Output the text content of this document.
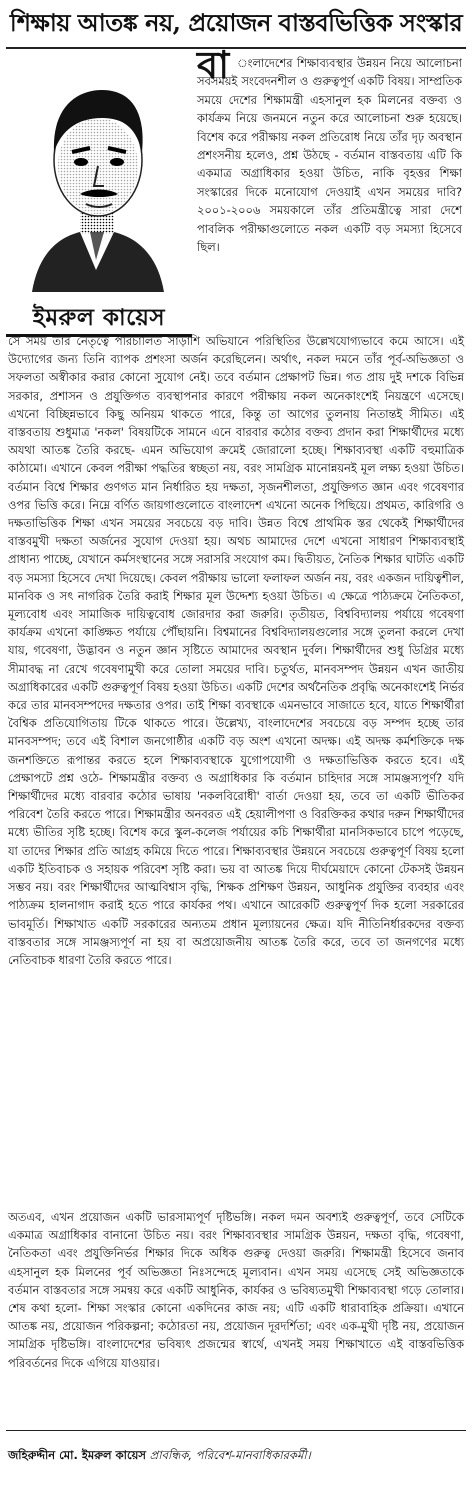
শিক্ষায় আতঙ্ক নয়, প্রয়োজন বাস্তবভিত্তিক সংস্কার
ইমরুল কায়েস
বা ংলাদেশের শিক্ষাব্যবস্থার উন্নয়ন নিয়ে আলোচনা সবসময়ই সংবেদনশীল ও গুরুত্বপূর্ণ একটি বিষয়। সাম্প্রতিক সময়ে দেশের শিক্ষামন্ত্রী এহসানুল হক মিলনের বক্তব্য ও কার্যক্রম নিয়ে জনমনে নতুন করে আলোচনা শুরু হয়েছে। বিশেষ করে পরীক্ষায় নকল প্রতিরোধ নিয়ে তাঁর দৃঢ় অবস্থান প্রশংসনীয় হলেও, প্রশ্ন উঠছে - বর্তমান বাস্তবতায় এটি কি একমাত্র অগ্রাধিকার হওয়া উচিত, নাকি বৃহত্তর শিক্ষা সংস্কারের দিকে মনোযোগ দেওয়াই এখন সময়ের দাবি? ২০০১-২০০৬ সময়কালে তাঁর প্রতিমন্ত্রীত্বে সারা দেশে পাবলিক পরীক্ষাগুলোতে নকল একটি বড় সমস্যা হিসেবে ছিল।

সে সময় তাঁর নেতৃত্বে পরিচালিত সাড়াশি অভিযানে পরিস্থিতির উল্লেখযোগ্যভাবে কমে আসে। এই উদ্যোগের জন্য তিনি ব্যাপক প্রশংসা অর্জন করেছিলেন। অর্থাৎ, নকল দমনে তাঁর পূর্ব-অভিজ্ঞতা ও সফলতা অস্বীকার করার কোনো সুযোগ নেই। তবে বর্তমান প্রেক্ষাপট ভিন্ন। গত প্রায় দুই দশকে বিভিন্ন সরকার, প্রশাসন ও প্রযুক্তিগত ব্যবস্থাপনার কারণে পরীক্ষায় নকল অনেকাংশেই নিয়ন্ত্রণে এসেছে। এখনো বিচ্ছিন্নভাবে কিছু অনিয়ম থাকতে পারে, কিন্তু তা আগের তুলনায় নিতান্তই সীমিত। এই বাস্তবতায় শুধুমাত্র 'নকল' বিষয়টিকে সামনে এনে বারবার কঠোর বক্তব্য প্রদান করা শিক্ষার্থীদের মধ্যে অযথা আতঙ্ক তৈরি করছে- এমন অভিযোগ ক্রমেই জোরালো হচ্ছে। শিক্ষাব্যবস্থা একটি বহুমাত্রিক কাঠামো। এখানে কেবল পরীক্ষা পদ্ধতির স্বচ্ছতা নয়, বরং সামগ্রিক মানোন্নয়নই মূল লক্ষ্য হওয়া উচিত। বর্তমান বিশ্বে শিক্ষার গুণগত মান নির্ধারিত হয় দক্ষতা, সৃজনশীলতা, প্রযুক্তিগত জ্ঞান এবং গবেষণার ওপর ভিত্তি করে। নিম্নে বর্ণিত জায়গাগুলোতে বাংলাদেশ এখনো অনেক পিছিয়ে। প্রথমত, কারিগরি ও দক্ষতাভিত্তিক শিক্ষা এখন সময়ের সবচেয়ে বড় দাবি। উন্নত বিশ্বে প্রাথমিক স্তর থেকেই শিক্ষার্থীদের বাস্তবমুখী দক্ষতা অর্জনের সুযোগ দেওয়া হয়। অথচ আমাদের দেশে এখনো সাধারণ শিক্ষাব্যবস্থাই প্রাধান্য পাচ্ছে, যেখানে কর্মসংস্থানের সঙ্গে সরাসরি সংযোগ কম। দ্বিতীয়ত, নৈতিক শিক্ষার ঘাটতি একটি বড় সমস্যা হিসেবে দেখা দিয়েছে। কেবল পরীক্ষায় ভালো ফলাফল অর্জন নয়, বরং একজন দায়িত্বশীল, মানবিক ও সৎ নাগরিক তৈরি করাই শিক্ষার মূল উদ্দেশ্য হওয়া উচিত। এ ক্ষেত্রে পাঠ্যক্রমে নৈতিকতা, মূল্যবোধ এবং সামাজিক দায়িত্ববোধ জোরদার করা জরুরি। তৃতীয়ত, বিশ্ববিদ্যালয় পর্যায়ে গবেষণা কার্যক্রম এখনো কাঙ্ক্ষিত পর্যায়ে পৌঁছায়নি। বিশ্বমানের বিশ্ববিদ্যালয়গুলোর সঙ্গে তুলনা করলে দেখা যায়, গবেষণা, উদ্ভাবন ও নতুন জ্ঞান সৃষ্টিতে আমাদের অবস্থান দুর্বল। শিক্ষার্থীদের শুধু ডিগ্রির মধ্যে সীমাবদ্ধ না রেখে গবেষণামুখী করে তোলা সময়ের দাবি। চতুর্থত, মানবসম্পদ উন্নয়ন এখন জাতীয় অগ্রাধিকারের একটি গুরুত্বপূর্ণ বিষয় হওয়া উচিত। একটি দেশের অর্থনৈতিক প্রবৃদ্ধি অনেকাংশেই নির্ভর করে তার মানবসম্পদের দক্ষতার ওপর। তাই শিক্ষা ব্যবস্থাকে এমনভাবে সাজাতে হবে, যাতে শিক্ষার্থীরা বৈশ্বিক প্রতিযোগিতায় টিকে থাকতে পারে। উল্লেখ্য, বাংলাদেশের সবচেয়ে বড় সম্পদ হচ্ছে তার মানবসম্পদ; তবে এই বিশাল জনগোষ্ঠীর একটি বড় অংশ এখনো অদক্ষ। এই অদক্ষ কর্মশক্তিকে দক্ষ জনশক্তিতে রূপান্তর করতে হলে শিক্ষাব্যবস্থাকে যুগোপযোগী ও দক্ষতাভিত্তিক করতে হবে। এই প্রেক্ষাপটে প্রশ্ন ওঠে- শিক্ষামন্ত্রীর বক্তব্য ও অগ্রাধিকার কি বর্তমান চাহিদার সঙ্গে সামঞ্জস্যপূর্ণ? যদি শিক্ষার্থীদের মধ্যে বারবার কঠোর ভাষায় 'নকলবিরোধী' বার্তা দেওয়া হয়, তবে তা একটি ভীতিকর পরিবেশ তৈরি করতে পারে। শিক্ষামন্ত্রীর অনবরত এই হেয়ালীপণা ও বিরক্তিকর কথার দরুন শিক্ষার্থীদের মধ্যে ভীতির সৃষ্টি হচ্ছে। বিশেষ করে স্কুল-কলেজ পর্যায়ের কচি শিক্ষার্থীরা মানসিকভাবে চাপে পড়েছে, যা তাদের শিক্ষার প্রতি আগ্রহ কমিয়ে দিতে পারে। শিক্ষাব্যবস্থার উন্নয়নে সবচেয়ে গুরুত্বপূর্ণ বিষয় হলো একটি ইতিবাচক ও সহায়ক পরিবেশ সৃষ্টি করা। ভয় বা আতঙ্ক দিয়ে দীর্ঘমেয়াদে কোনো টেকসই উন্নয়ন সম্ভব নয়। বরং শিক্ষার্থীদের আত্মবিশ্বাস বৃদ্ধি, শিক্ষক প্রশিক্ষণ উন্নয়ন, আধুনিক প্রযুক্তির ব্যবহার এবং পাঠ্যক্রম হালনাগাদ করাই হতে পারে কার্যকর পথ। এখানে আরেকটি গুরুত্বপূর্ণ দিক হলো সরকারের ভাবমূর্তি। শিক্ষাখাত একটি সরকারের অন্যতম প্রধান মূল্যায়নের ক্ষেত্র। যদি নীতিনির্ধারকদের বক্তব্য বাস্তবতার সঙ্গে সামঞ্জস্যপূর্ণ না হয় বা অপ্রয়োজনীয় আতঙ্ক তৈরি করে, তবে তা জনগণের মধ্যে নেতিবাচক ধারণা তৈরি করতে পারে।

অতএব, এখন প্রয়োজন একটি ভারসাম্যপূর্ণ দৃষ্টিভঙ্গি। নকল দমন অবশ্যই গুরুত্বপূর্ণ, তবে সেটিকে একমাত্র অগ্রাধিকার বানানো উচিত নয়। বরং শিক্ষাব্যবস্থার সামগ্রিক উন্নয়ন, দক্ষতা বৃদ্ধি, গবেষণা, নৈতিকতা এবং প্রযুক্তিনির্ভর শিক্ষার দিকে অধিক গুরুত্ব দেওয়া জরুরি। শিক্ষামন্ত্রী হিসেবে জনাব এহসানুল হক মিলনের পূর্ব অভিজ্ঞতা নিঃসন্দেহে মূল্যবান। এখন সময় এসেছে সেই অভিজ্ঞতাকে বর্তমান বাস্তবতার সঙ্গে সমন্বয় করে একটি আধুনিক, কার্যকর ও ভবিষ্যতমুখী শিক্ষাব্যবস্থা গড়ে তোলার। শেষ কথা হলো- শিক্ষা সংস্কার কোনো একদিনের কাজ নয়; এটি একটি ধারাবাহিক প্রক্রিয়া। এখানে আতঙ্ক নয়, প্রয়োজন পরিকল্পনা; কঠোরতা নয়, প্রয়োজন দূরদর্শিতা; এবং এক-মুখী দৃষ্টি নয়, প্রয়োজন সামগ্রিক দৃষ্টিভঙ্গি। বাংলাদেশের ভবিষ্যৎ প্রজন্মের স্বার্থে, এখনই সময় শিক্ষাখাতে এই বাস্তবভিত্তিক পরিবর্তনের দিকে এগিয়ে যাওয়ার।

জহিরুদ্দীন মো. ইমরুল কায়েস প্রাবন্ধিক, পরিবেশ-মানবাধিকারকর্মী।
